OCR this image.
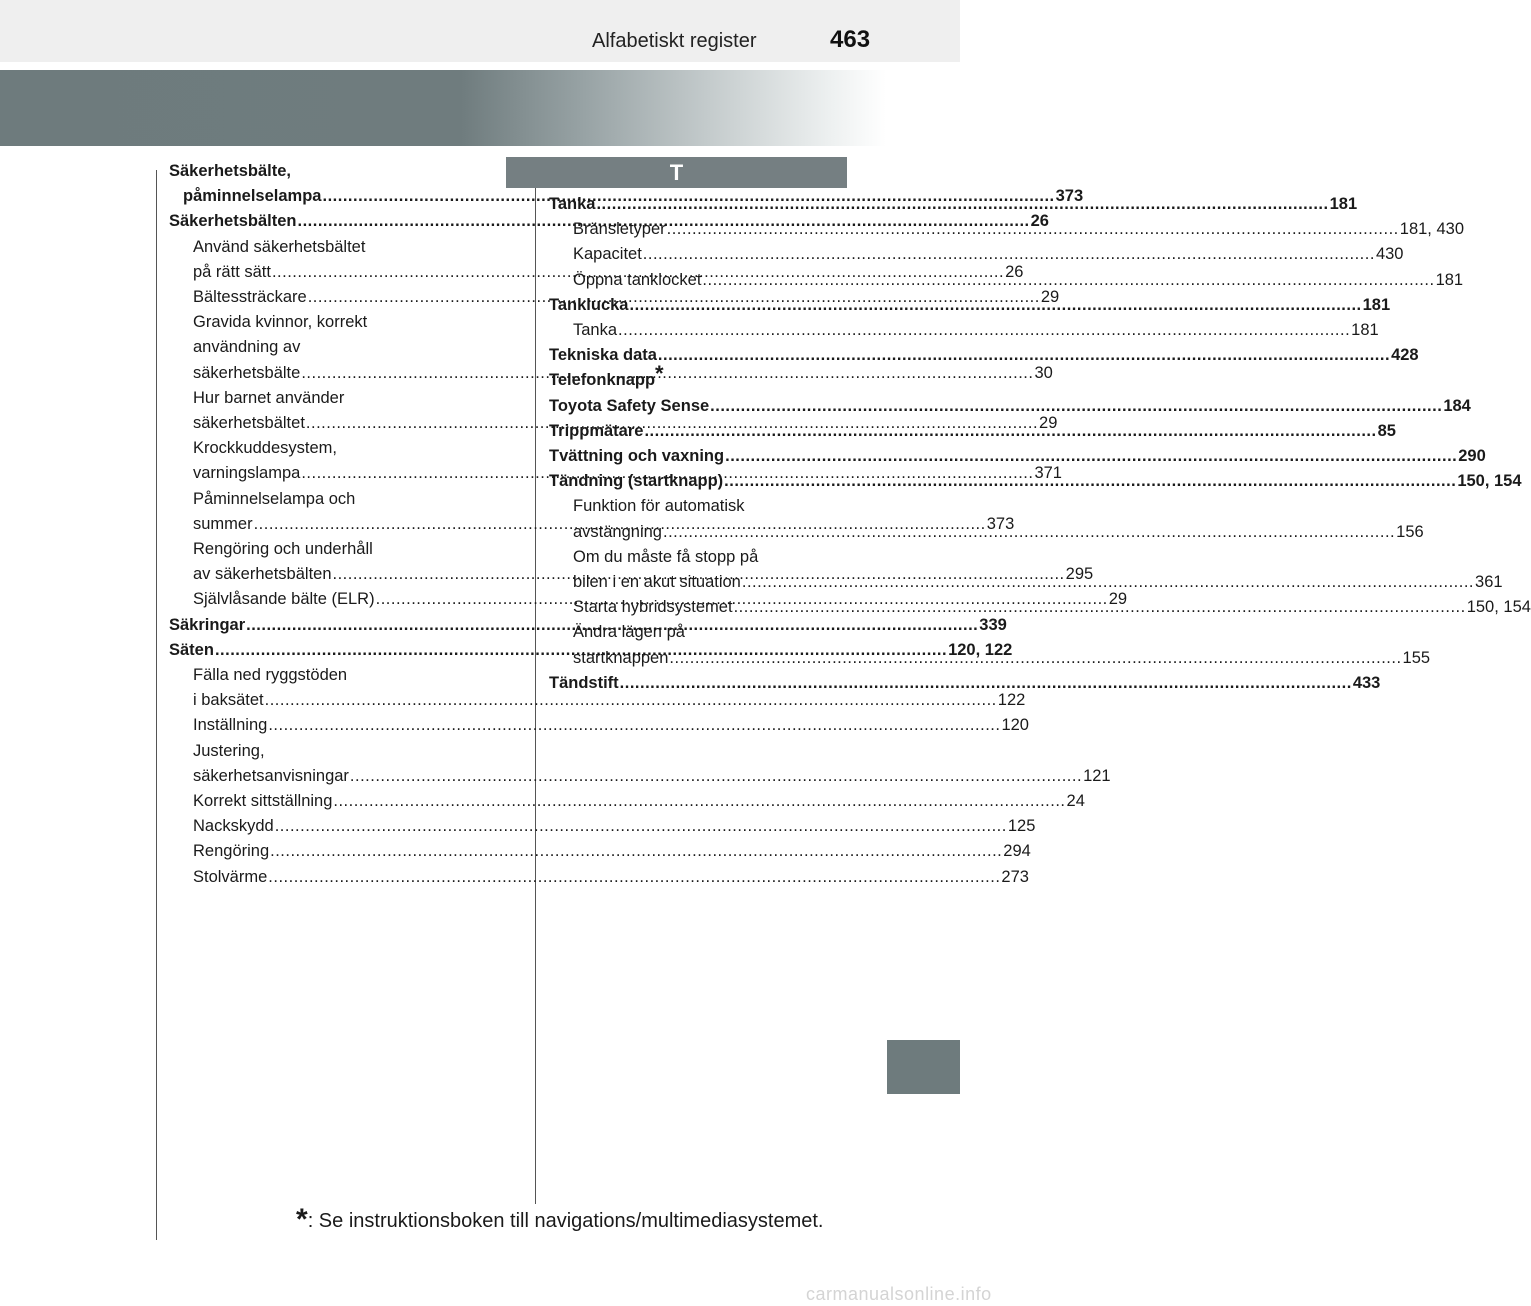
Alfabetiskt register	463
T
Säkerhetsbälte,
påminnelselampa .....	373
Säkerhetsbälten .....	26
Använd säkerhetsbältet
på rätt sätt .....	26
Bältessträckare .....	29
Gravida kvinnor, korrekt
användning av
säkerhetsbälte .....	30
Hur barnet använder
säkerhetsbältet .....	29
Krockkuddesystem,
varningslampa .....	371
Påminnelselampa och
summer .....	373
Rengöring och underhåll
av säkerhetsbälten .....	295
Självlåsande bälte (ELR) .....	29
Säkringar .....	339
Säten .....	120, 122
Fälla ned ryggstöden
i baksätet .....	122
Inställning .....	120
Justering,
säkerhetsanvisningar .....	121
Korrekt sittställning .....	24
Nackskydd .....	125
Rengöring .....	294
Stolvärme .....	273
Tanka .....	181
Bränsletyper .....	181, 430
Kapacitet .....	430
Öppna tanklocket .....	181
Tanklucka .....	181
Tanka .....	181
Tekniska data .....	428
Telefonknapp*
Toyota Safety Sense .....	184
Trippmätare .....	85
Tvättning och vaxning .....	290
Tändning (startknapp) .....	150, 154
Funktion för automatisk
avstängning .....	156
Om du måste få stopp på
bilen i en akut situation .....	361
Starta hybridsystemet .....	150, 154
Ändra lägen på
startknappen .....	155
Tändstift .....	433
*: Se instruktionsboken till navigations/multimediasystemet.
carmanualsonline.info
